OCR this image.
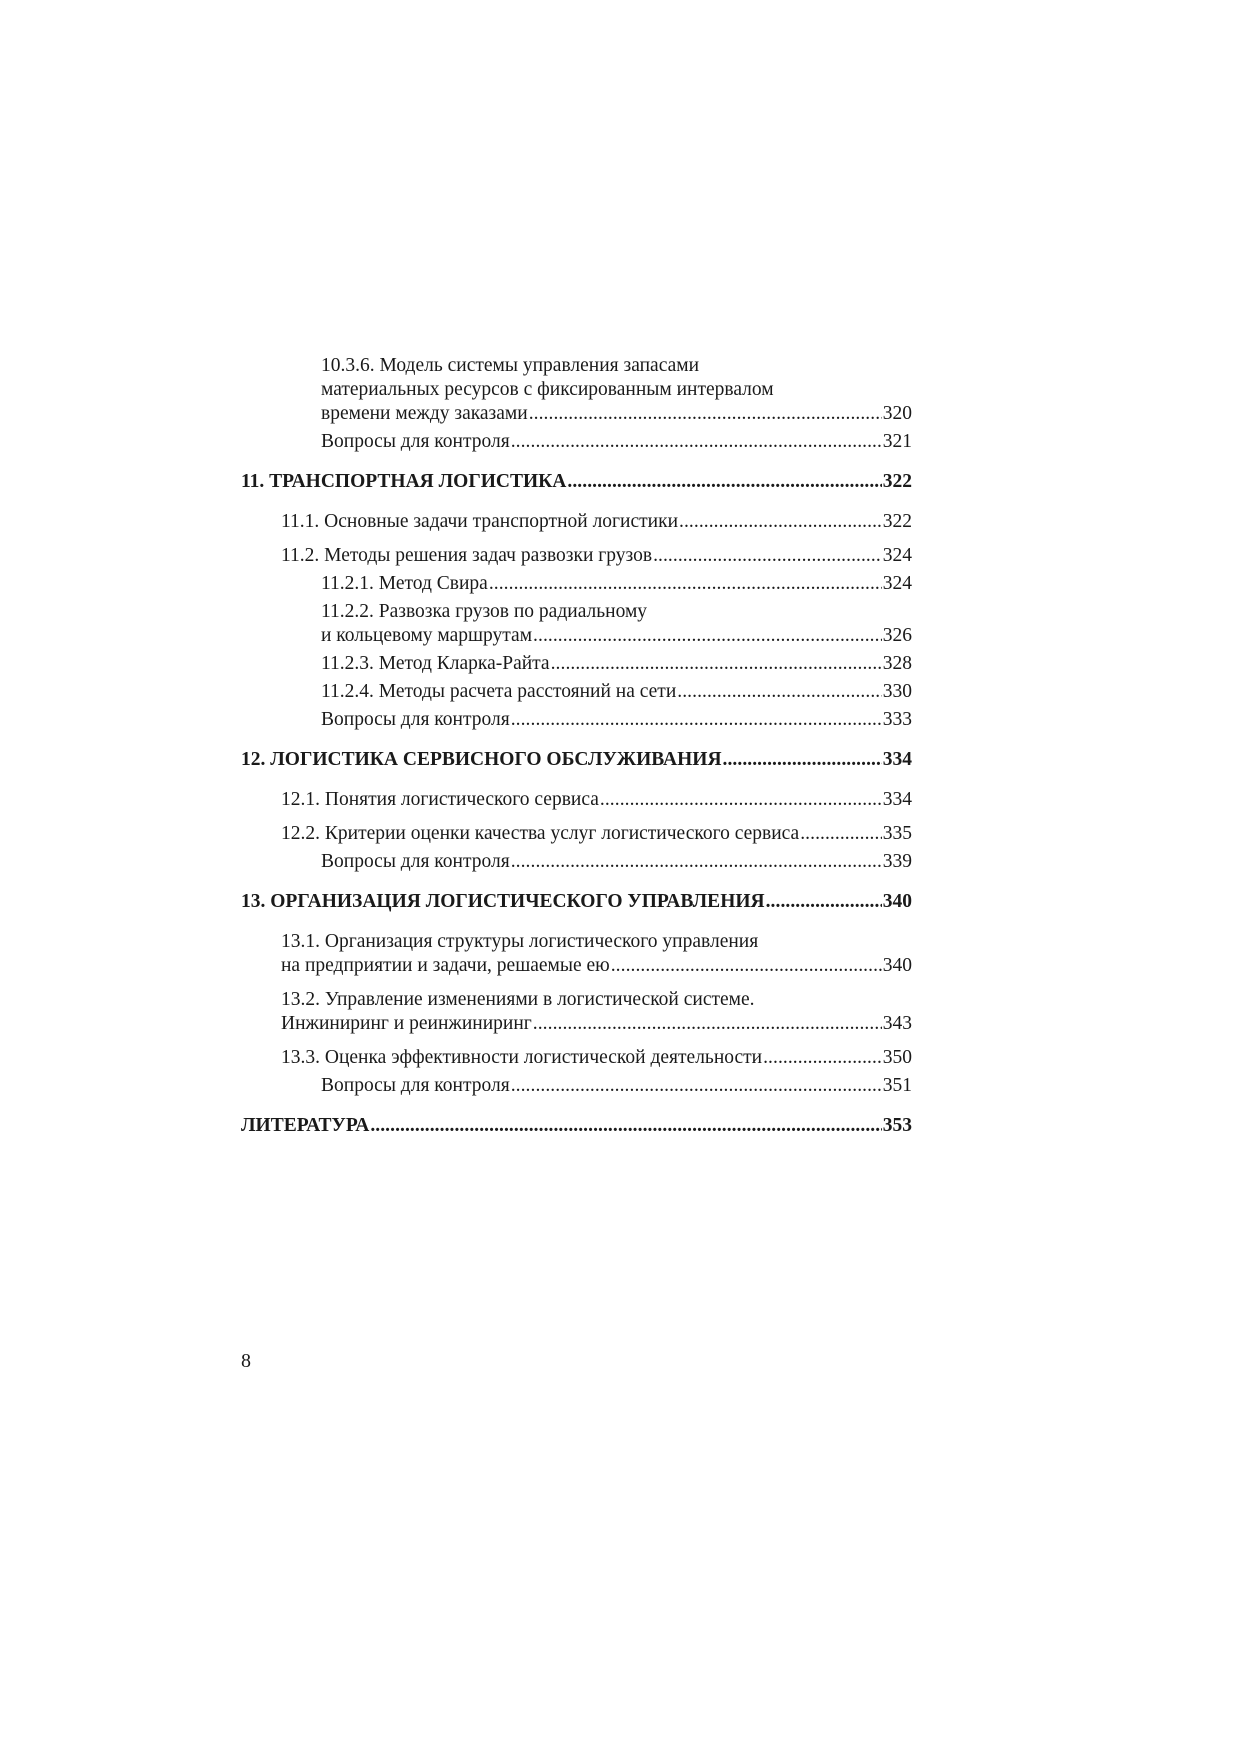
10.3.6. Модель системы управления запасами
материальных ресурсов с фиксированным интервалом
времени между заказами . . .	320
Вопросы для контроля . . .	321
11. ТРАНСПОРТНАЯ ЛОГИСТИКА . . .	322
11.1. Основные задачи транспортной логистики . . .	322
11.2. Методы решения задач развозки грузов . . .	324
11.2.1. Метод Свира . . .	324
11.2.2. Развозка грузов по радиальному
и кольцевому маршрутам . . .	326
11.2.3. Метод Кларка-Райта . . .	328
11.2.4. Методы расчета расстояний на сети . . .	330
Вопросы для контроля . . .	333
12. ЛОГИСТИКА СЕРВИСНОГО ОБСЛУЖИВАНИЯ . . .	334
12.1. Понятия логистического сервиса . . .	334
12.2. Критерии оценки качества услуг логистического сервиса . . .	335
Вопросы для контроля . . .	339
13. ОРГАНИЗАЦИЯ ЛОГИСТИЧЕСКОГО УПРАВЛЕНИЯ . . .	340
13.1. Организация структуры логистического управления
на предприятии и задачи, решаемые ею . . .	340
13.2. Управление изменениями в логистической системе.
Инжиниринг и реинжиниринг . . .	343
13.3. Оценка эффективности логистической деятельности . . .	350
Вопросы для контроля . . .	351
ЛИТЕРАТУРА . . .	353
8
